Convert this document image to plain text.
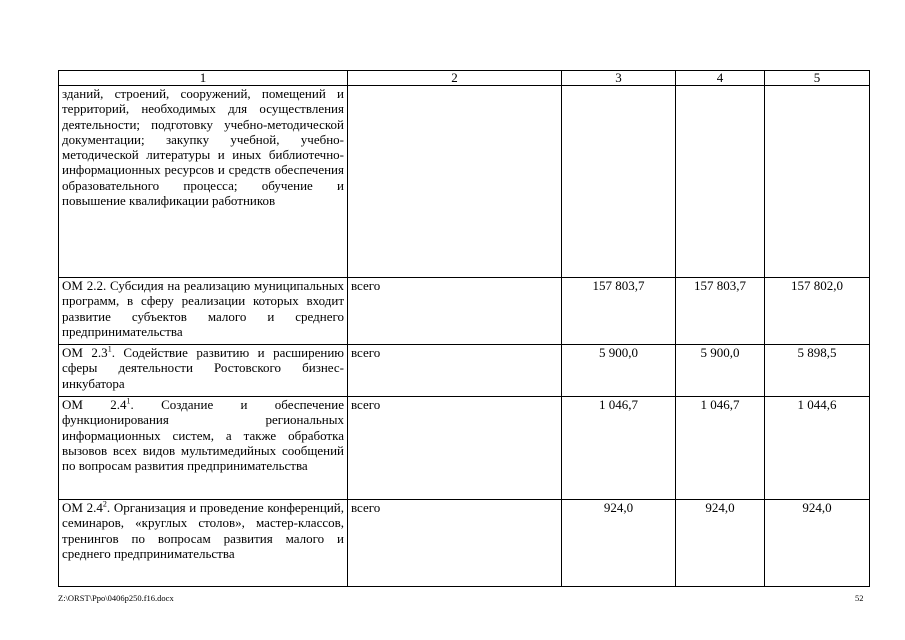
1	2	3	4	5
зданий, строений, сооружений, помещений и территорий, необходимых для осуществления деятельности; подготовку учебно-методической документации; закупку учебной, учебно-методической литературы и иных библиотечно-информационных ресурсов и средств обеспечения образовательного процесса; обучение и повышение квалификации работников				
ОМ 2.2. Субсидия на реализацию муниципальных программ, в сферу реализации которых входит развитие субъектов малого и среднего предпринимательства	всего	157 803,7	157 803,7	157 802,0
ОМ $2.3^1$. Содействие развитию и расширению сферы деятельности Ростовского бизнес-инкубатора	всего	5 900,0	5 900,0	5 898,5
ОМ $2.4^1$. Создание и обеспечение функционирования региональных информационных систем, а также обработка вызовов всех видов мультимедийных сообщений по вопросам развития предпринимательства	всего	1 046,7	1 046,7	1 044,6
ОМ $2.4^2$. Организация и проведение конференций, семинаров, «круглых столов», мастер-классов, тренингов по вопросам развития малого и среднего предпринимательства	всего	924,0	924,0	924,0
Z:\ORST\Ppo\0406p250.f16.docx	52
